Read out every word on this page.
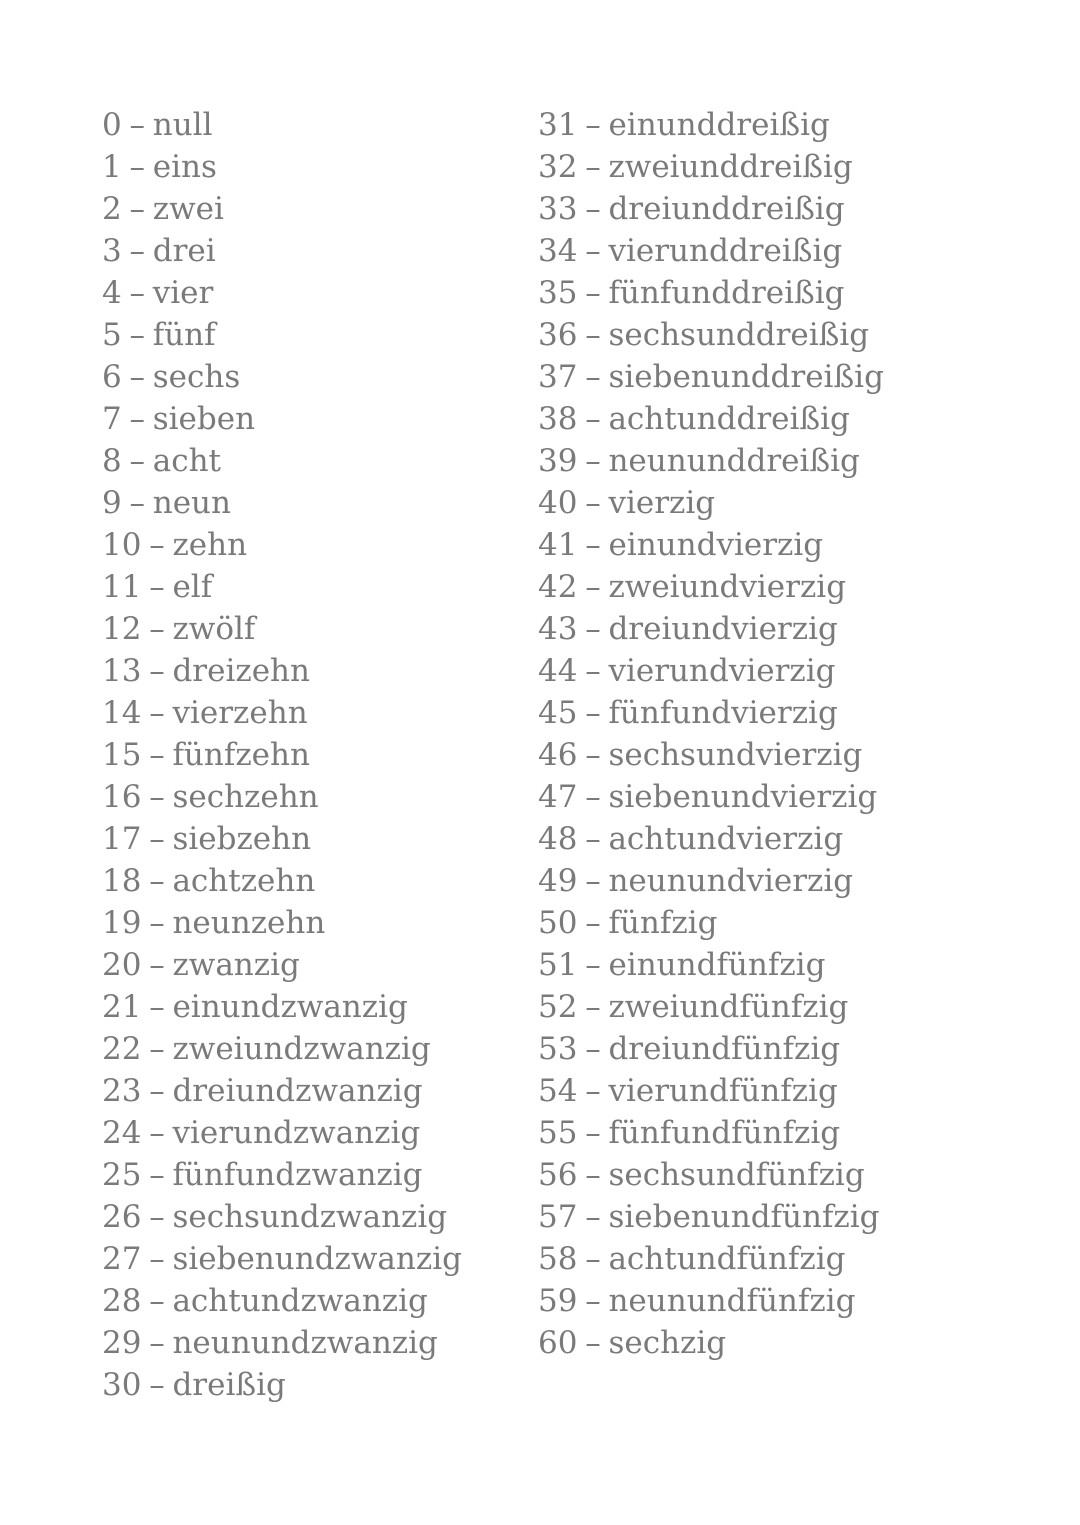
0 – null
1 – eins
2 – zwei
3 – drei
4 – vier
5 – fünf
6 – sechs
7 – sieben
8 – acht
9 – neun
10 – zehn
11 – elf
12 – zwölf
13 – dreizehn
14 – vierzehn
15 – fünfzehn
16 – sechzehn
17 – siebzehn
18 – achtzehn
19 – neunzehn
20 – zwanzig
21 – einundzwanzig
22 – zweiundzwanzig
23 – dreiundzwanzig
24 – vierundzwanzig
25 – fünfundzwanzig
26 – sechsundzwanzig
27 – siebenundzwanzig
28 – achtundzwanzig
29 – neunundzwanzig
30 – dreißig
31 – einunddreißig
32 – zweiunddreißig
33 – dreiunddreißig
34 – vierunddreißig
35 – fünfunddreißig
36 – sechsunddreißig
37 – siebenunddreißig
38 – achtunddreißig
39 – neununddreißig
40 – vierzig
41 – einundvierzig
42 – zweiundvierzig
43 – dreiundvierzig
44 – vierundvierzig
45 – fünfundvierzig
46 – sechsundvierzig
47 – siebenundvierzig
48 – achtundvierzig
49 – neunundvierzig
50 – fünfzig
51 – einundfünfzig
52 – zweiundfünfzig
53 – dreiundfünfzig
54 – vierundfünfzig
55 – fünfundfünfzig
56 – sechsundfünfzig
57 – siebenundfünfzig
58 – achtundfünfzig
59 – neunundfünfzig
60 – sechzig
